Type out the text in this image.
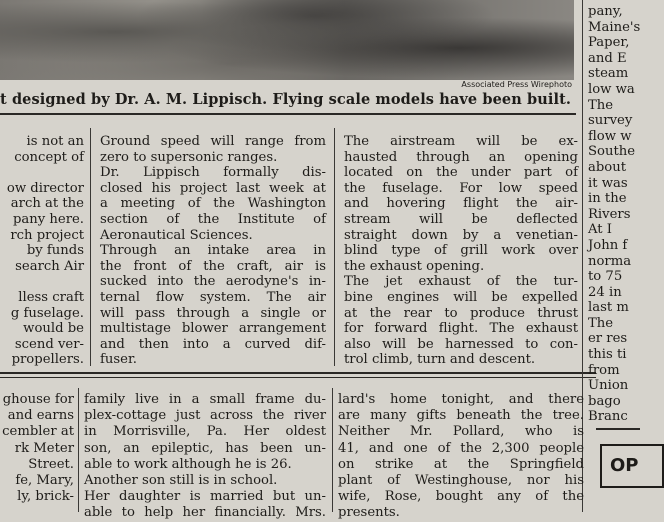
Associated Press Wirephoto
t designed by Dr. A. M. Lippisch. Flying scale models have been built.
is not an
concept of

ow director
arch at the
pany here.
rch project
by funds
search Air

lless craft
g fuselage.
would be
scend ver-
propellers.
Ground speed will range from
zero to supersonic ranges.
Dr. Lippisch formally dis-
closed his project last week at
a meeting of the Washington
section of the Institute of
Aeronautical Sciences.
Through an intake area in
the front of the craft, air is
sucked into the aerodyne's in-
ternal flow system. The air
will pass through a single or
multistage blower arrangement
and then into a curved dif-
fuser.
The airstream will be ex-
hausted through an opening
located on the under part of
the fuselage. For low speed
and hovering flight the air-
stream will be deflected
straight down by a venetian-
blind type of grill work over
the exhaust opening.
The jet exhaust of the tur-
bine engines will be expelled
at the rear to produce thrust
for forward flight. The exhaust
also will be harnessed to con-
trol climb, turn and descent.
pany,
Maine's
Paper,
and E
steam
low wa
The
survey
flow w
Southe
about
it was
in the
Rivers
At I
John f
norma
to 75
24 in
last m
The
er res
this ti
from
Union
bago
Branc
ghouse for
and earns
cembler at
rk Meter
Street.
fe, Mary,
ly, brick-
family live in a small frame du-
plex-cottage just across the river
in Morrisville, Pa. Her oldest
son, an epileptic, has been un-
able to work although he is 26.
Another son still is in school.
Her daughter is married but un-
able to help her financially. Mrs.
lard's home tonight, and there
are many gifts beneath the tree.
Neither Mr. Pollard, who is
41, and one of the 2,300 people
on strike at the Springfield
plant of Westinghouse, nor his
wife, Rose, bought any of the
presents.
OP
